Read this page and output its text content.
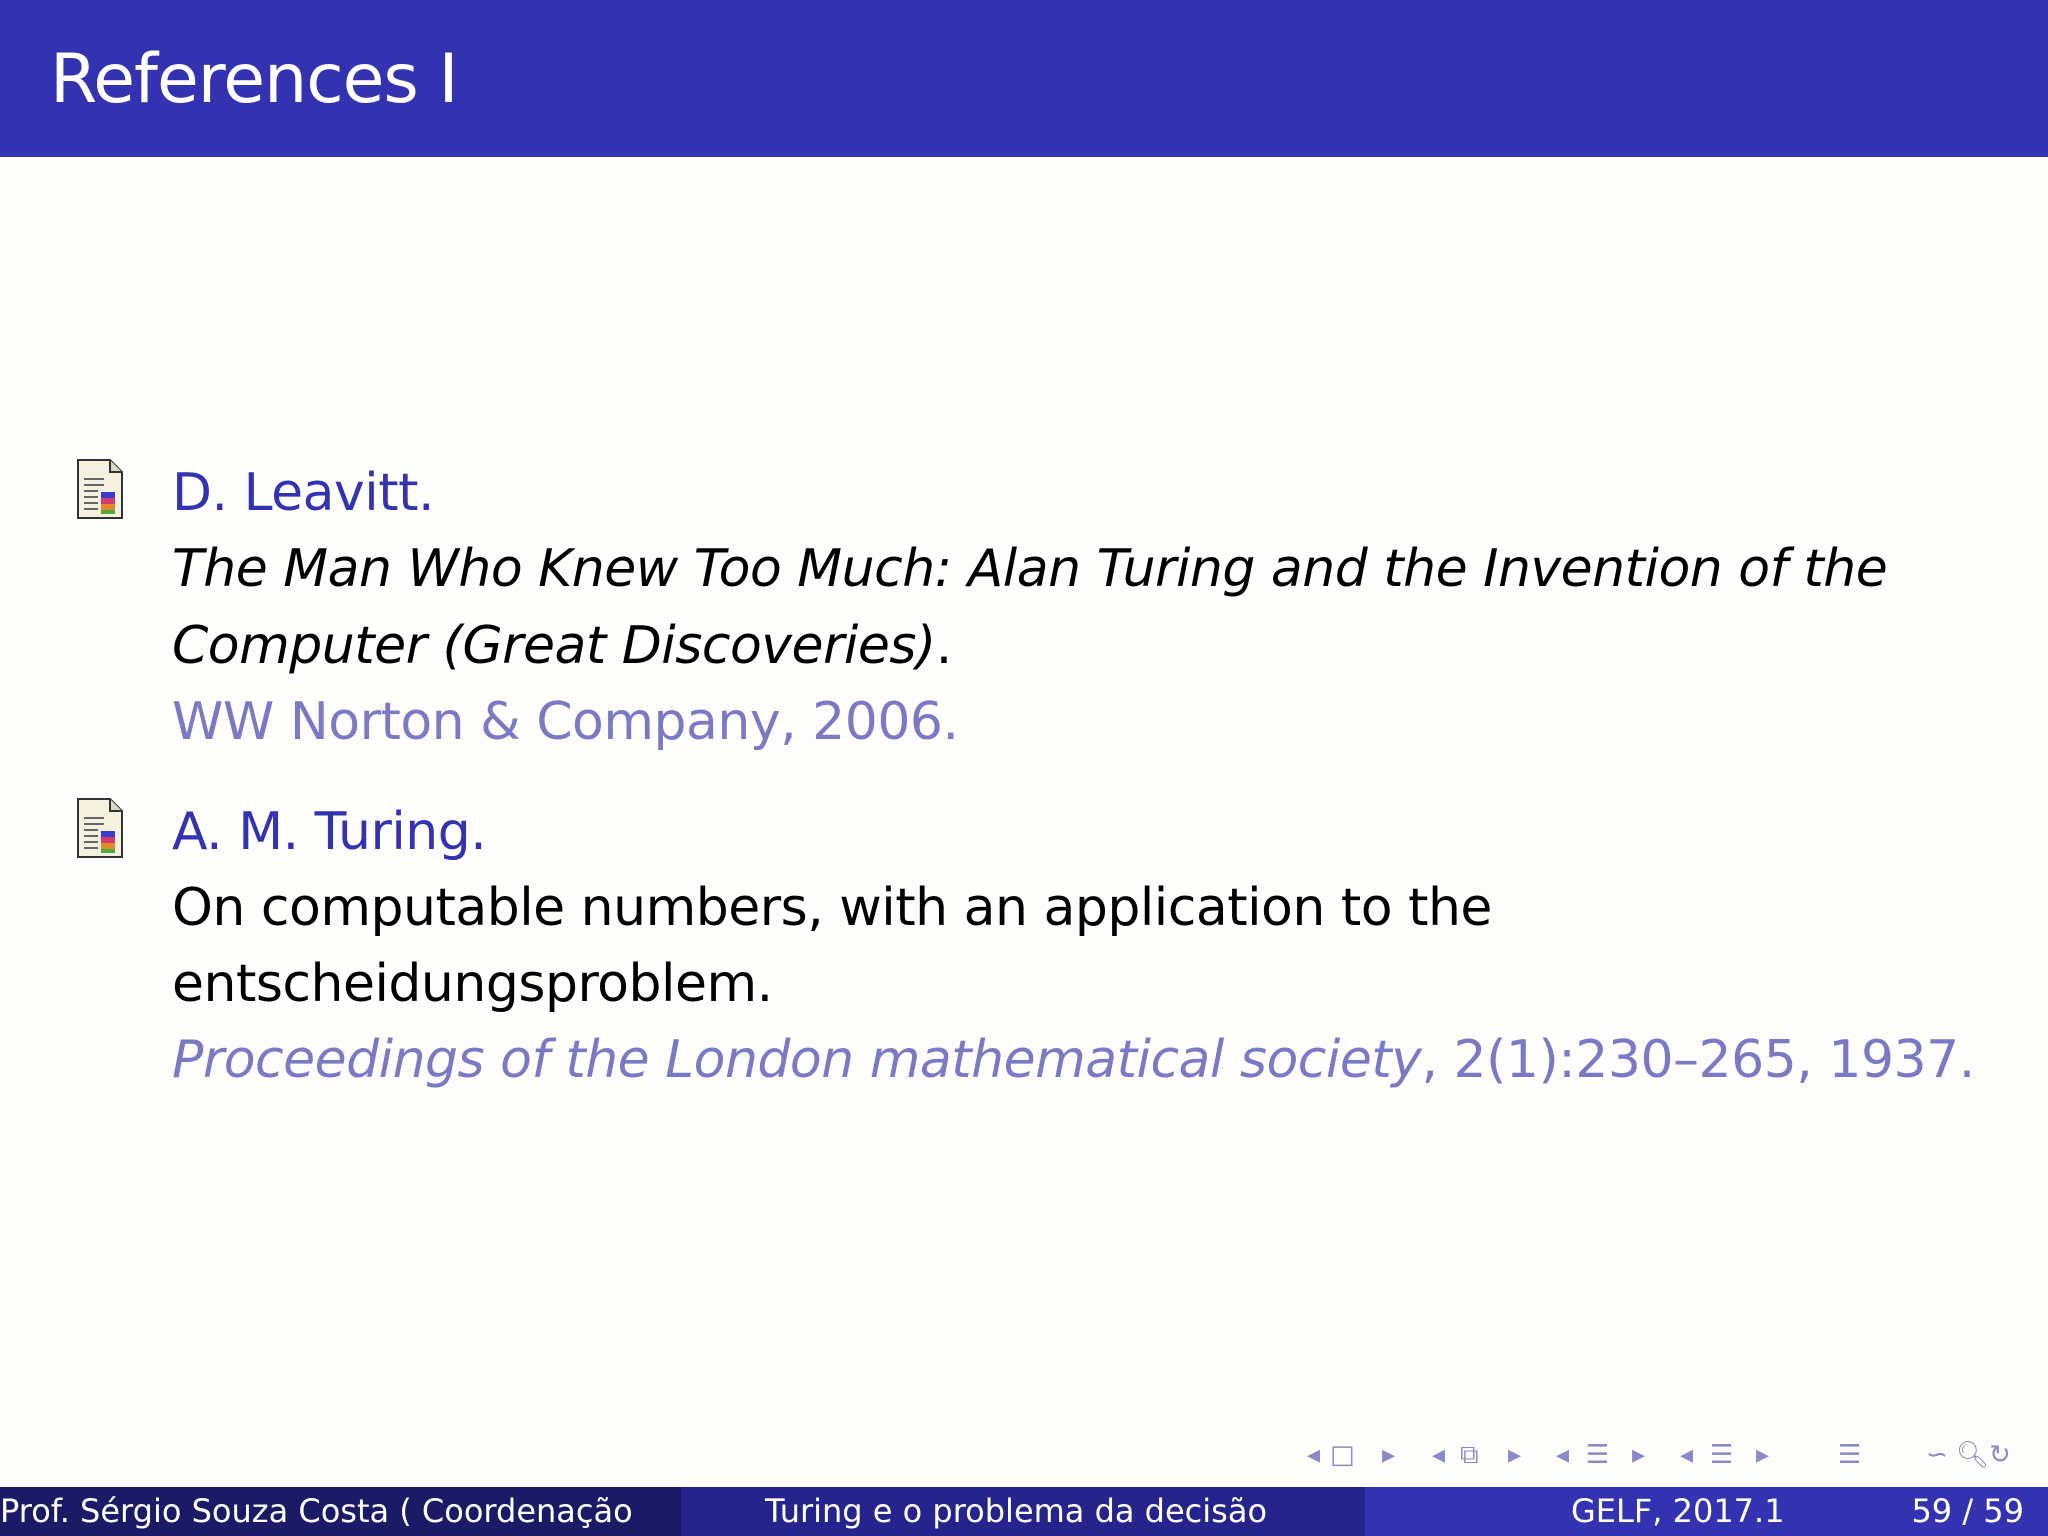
References I
D. Leavitt.
The Man Who Knew Too Much: Alan Turing and the Invention of the
Computer (Great Discoveries).
WW Norton & Company, 2006.
A. M. Turing.
On computable numbers, with an application to the
entscheidungsproblem.
Proceedings of the London mathematical society, 2(1):230–265, 1937.
◂ □ ▸ ◂ ⧉ ▸ ◂ ☰ ▸ ◂ ☰ ▸	☰ ∽ 🔍︎↻
Prof. Sérgio Souza Costa ( Coordenação	Turing e o problema da decisão	GELF, 2017.1	59 / 59
